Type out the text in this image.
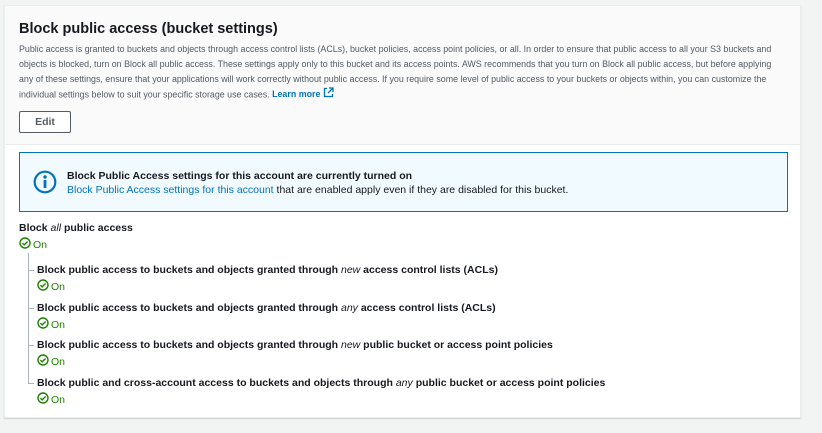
Block public access (bucket settings)

Public access is granted to buckets and objects through access control lists (ACLs), bucket policies, access point policies, or all. In order to ensure that public access to all your S3 buckets and objects is blocked, turn on Block all public access. These settings apply only to this bucket and its access points. AWS recommends that you turn on Block all public access, but before applying any of these settings, ensure that your applications will work correctly without public access. If you require some level of public access to your buckets or objects within, you can customize the individual settings below to suit your specific storage use cases. Learn more

Edit
Block Public Access settings for this account are currently turned on
Block Public Access settings for this account that are enabled apply even if they are disabled for this bucket.
Block all public access
On
Block public access to buckets and objects granted through new access control lists (ACLs)
On
Block public access to buckets and objects granted through any access control lists (ACLs)
On
Block public access to buckets and objects granted through new public bucket or access point policies
On
Block public and cross-account access to buckets and objects through any public bucket or access point policies
On
